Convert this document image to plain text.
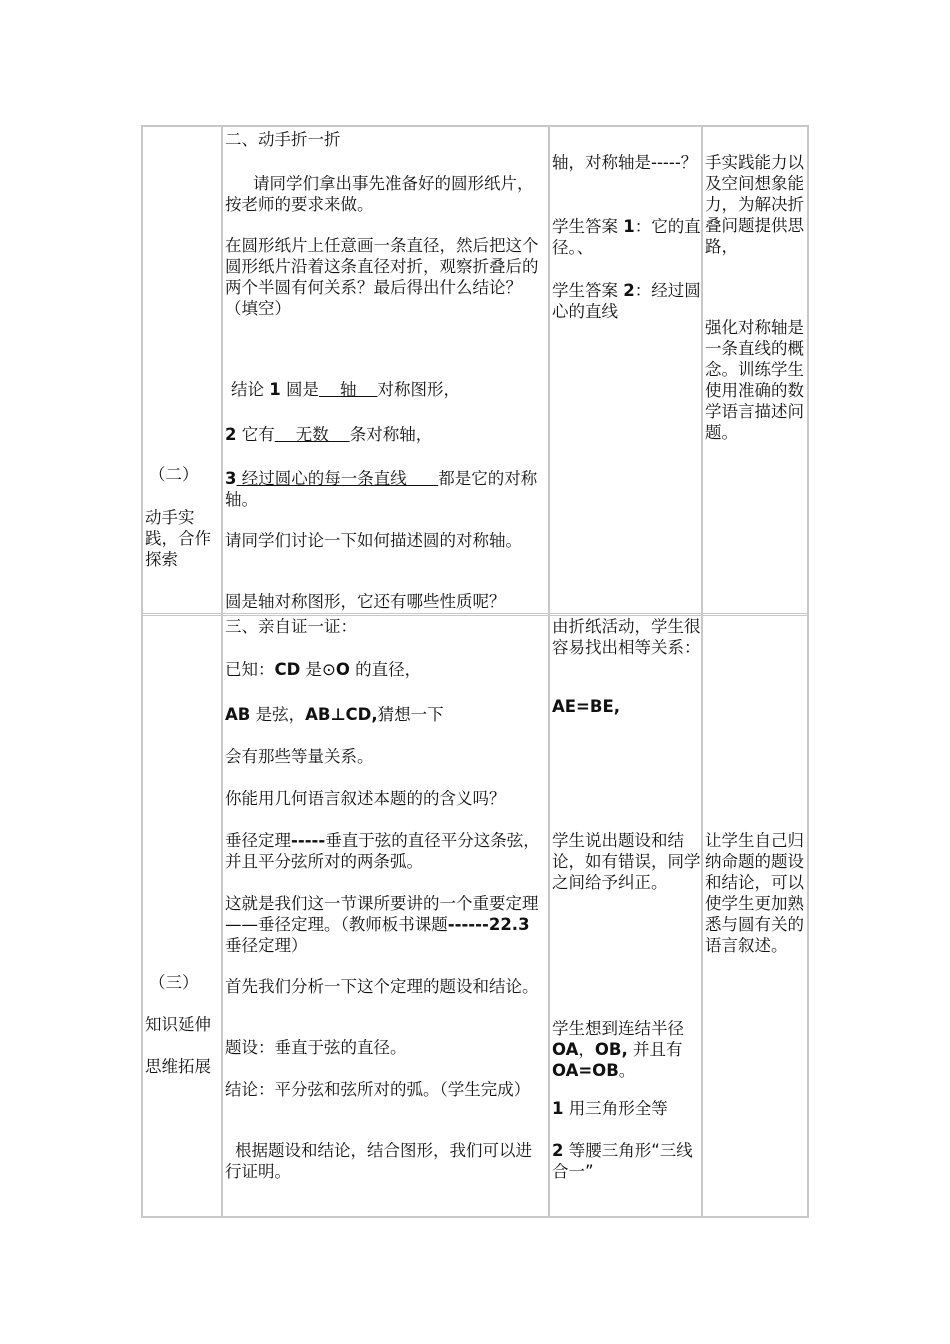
（二）

动手实践，合作探索

二、动手折一折

请同学们拿出事先准备好的圆形纸片，按老师的要求来做。

在圆形纸片上任意画一条直径，然后把这个圆形纸片沿着这条直径对折，观察折叠后的两个半圆有何关系？最后得出什么结论？（填空）

结论 1 圆是    轴    对称图形，

2 它有    无数    条对称轴，

3 经过圆心的每一条直线      都是它的对称轴。

请同学们讨论一下如何描述圆的对称轴。

圆是轴对称图形，它还有哪些性质呢？

轴，对称轴是-----？

学生答案 1：它的直径。、

学生答案 2：经过圆心的直线

手实践能力以及空间想象能力，为解决折叠问题提供思路，

强化对称轴是一条直线的概念。训练学生使用准确的数学语言描述问题。

（三）

知识延伸

思维拓展

三、亲自证一证：

已知：CD 是⊙O 的直径，

AB 是弦，AB⊥CD,猜想一下

会有那些等量关系。

你能用几何语言叙述本题的的含义吗？

垂径定理-----垂直于弦的直径平分这条弦，并且平分弦所对的两条弧。

这就是我们这一节课所要讲的一个重要定理——垂径定理。（教师板书课题------22.3 垂径定理）

首先我们分析一下这个定理的题设和结论。

题设：垂直于弦的直径。

结论：平分弦和弦所对的弧。（学生完成）

根据题设和结论，结合图形，我们可以进行证明。

由折纸活动，学生很容易找出相等关系：

AE=BE,

学生说出题设和结论，如有错误，同学之间给予纠正。

学生想到连结半径 OA，OB, 并且有 OA=OB。

1 用三角形全等

2 等腰三角形“三线合一”

让学生自己归纳命题的题设和结论，可以使学生更加熟悉与圆有关的语言叙述。
